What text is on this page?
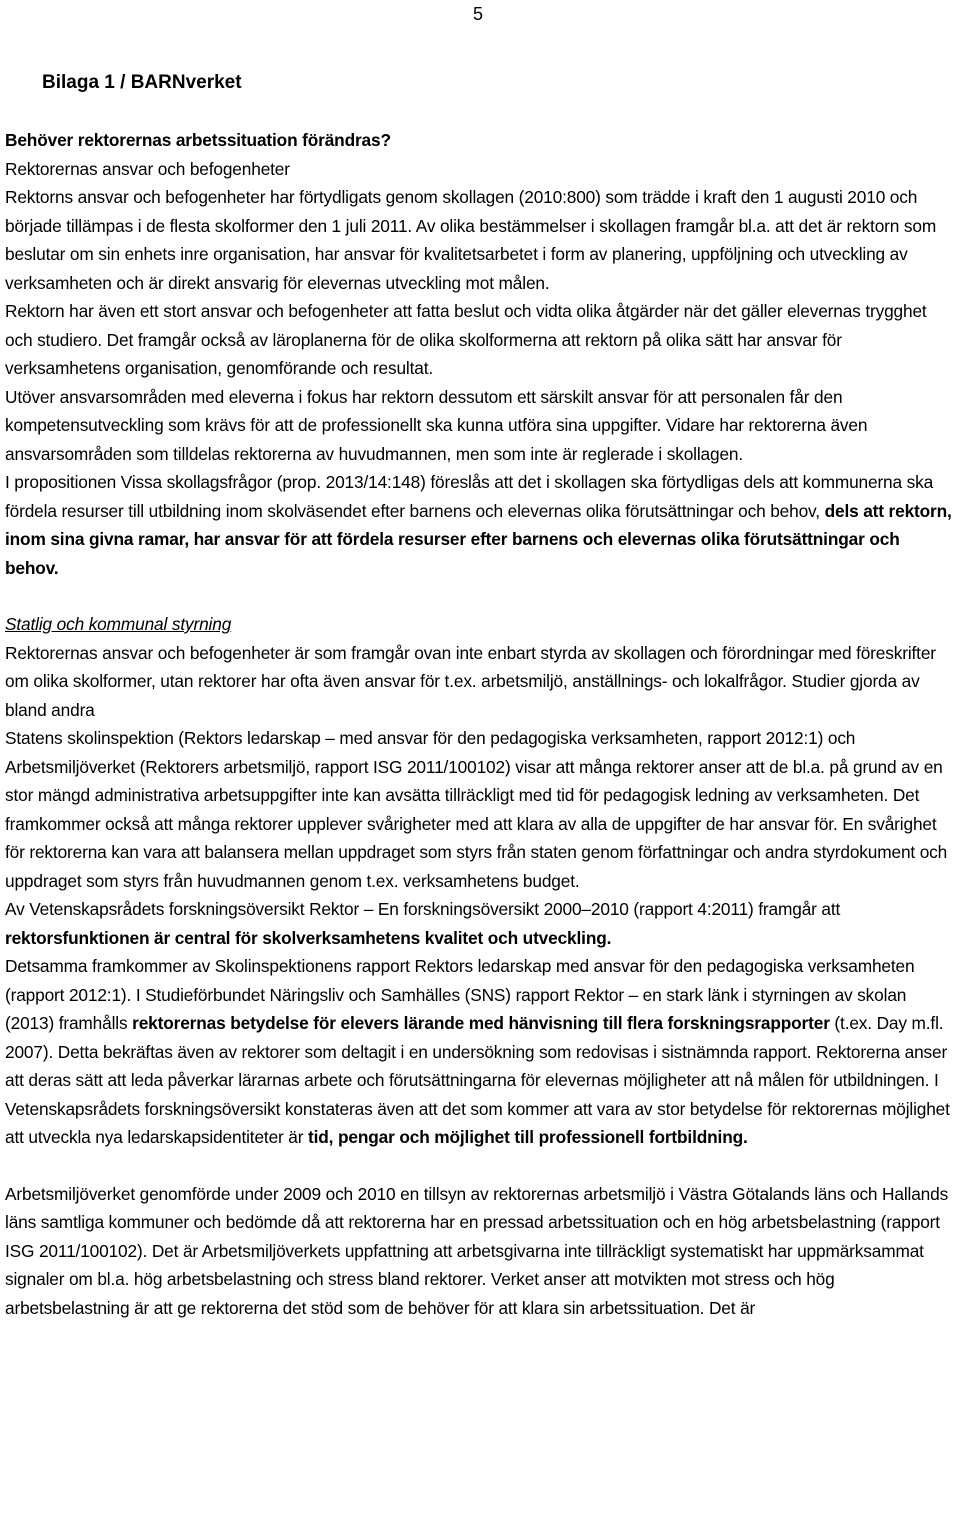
5
Bilaga 1 / BARNverket

Behöver rektorernas arbetssituation förändras?

Rektorernas ansvar och befogenheter

Rektorns ansvar och befogenheter har förtydligats genom skollagen (2010:800) som trädde i kraft den 1 augusti 2010 och började tillämpas i de flesta skolformer den 1 juli 2011. Av olika bestämmelser i skollagen framgår bl.a. att det är rektorn som beslutar om sin enhets inre organisation, har ansvar för kvalitetsarbetet i form av planering, uppföljning och utveckling av verksamheten och är direkt ansvarig för elevernas utveckling mot målen.

Rektorn har även ett stort ansvar och befogenheter att fatta beslut och vidta olika åtgärder när det gäller elevernas trygghet och studiero. Det framgår också av läroplanerna för de olika skolformerna att rektorn på olika sätt har ansvar för verksamhetens organisation, genomförande och resultat.

Utöver ansvarsområden med eleverna i fokus har rektorn dessutom ett särskilt ansvar för att personalen får den kompetensutveckling som krävs för att de professionellt ska kunna utföra sina uppgifter. Vidare har rektorerna även ansvarsområden som tilldelas rektorerna av huvudmannen, men som inte är reglerade i skollagen.

I propositionen Vissa skollagsfrågor (prop. 2013/14:148) föreslås att det i skollagen ska förtydligas dels att kommunerna ska fördela resurser till utbildning inom skolväsendet efter barnens och elevernas olika förutsättningar och behov, dels att rektorn, inom sina givna ramar, har ansvar för att fördela resurser efter barnens och elevernas olika förutsättningar och behov.

Statlig och kommunal styrning

Rektorernas ansvar och befogenheter är som framgår ovan inte enbart styrda av skollagen och förordningar med föreskrifter om olika skolformer, utan rektorer har ofta även ansvar för t.ex. arbetsmiljö, anställnings- och lokalfrågor. Studier gjorda av bland andra

Statens skolinspektion (Rektors ledarskap – med ansvar för den pedagogiska verksamheten, rapport 2012:1) och Arbetsmiljöverket (Rektorers arbetsmiljö, rapport ISG 2011/100102) visar att många rektorer anser att de bl.a. på grund av en stor mängd administrativa arbetsuppgifter inte kan avsätta tillräckligt med tid för pedagogisk ledning av verksamheten. Det framkommer också att många rektorer upplever svårigheter med att klara av alla de uppgifter de har ansvar för. En svårighet för rektorerna kan vara att balansera mellan uppdraget som styrs från staten genom författningar och andra styrdokument och uppdraget som styrs från huvudmannen genom t.ex. verksamhetens budget.

Av Vetenskapsrådets forskningsöversikt Rektor – En forskningsöversikt 2000–2010 (rapport 4:2011) framgår att rektorsfunktionen är central för skolverksamhetens kvalitet och utveckling.

Detsamma framkommer av Skolinspektionens rapport Rektors ledarskap med ansvar för den pedagogiska verksamheten (rapport 2012:1). I Studieförbundet Näringsliv och Samhälles (SNS) rapport Rektor – en stark länk i styrningen av skolan (2013) framhålls rektorernas betydelse för elevers lärande med hänvisning till flera forskningsrapporter (t.ex. Day m.fl. 2007). Detta bekräftas även av rektorer som deltagit i en undersökning som redovisas i sistnämnda rapport. Rektorerna anser att deras sätt att leda påverkar lärarnas arbete och förutsättningarna för elevernas möjligheter att nå målen för utbildningen. I Vetenskapsrådets forskningsöversikt konstateras även att det som kommer att vara av stor betydelse för rektorernas möjlighet att utveckla nya ledarskapsidentiteter är tid, pengar och möjlighet till professionell fortbildning.

Arbetsmiljöverket genomförde under 2009 och 2010 en tillsyn av rektorernas arbetsmiljö i Västra Götalands läns och Hallands läns samtliga kommuner och bedömde då att rektorerna har en pressad arbetssituation och en hög arbetsbelastning (rapport ISG 2011/100102). Det är Arbetsmiljöverkets uppfattning att arbetsgivarna inte tillräckligt systematiskt har uppmärksammat signaler om bl.a. hög arbetsbelastning och stress bland rektorer. Verket anser att motvikten mot stress och hög arbetsbelastning är att ge rektorerna det stöd som de behöver för att klara sin arbetssituation. Det är
